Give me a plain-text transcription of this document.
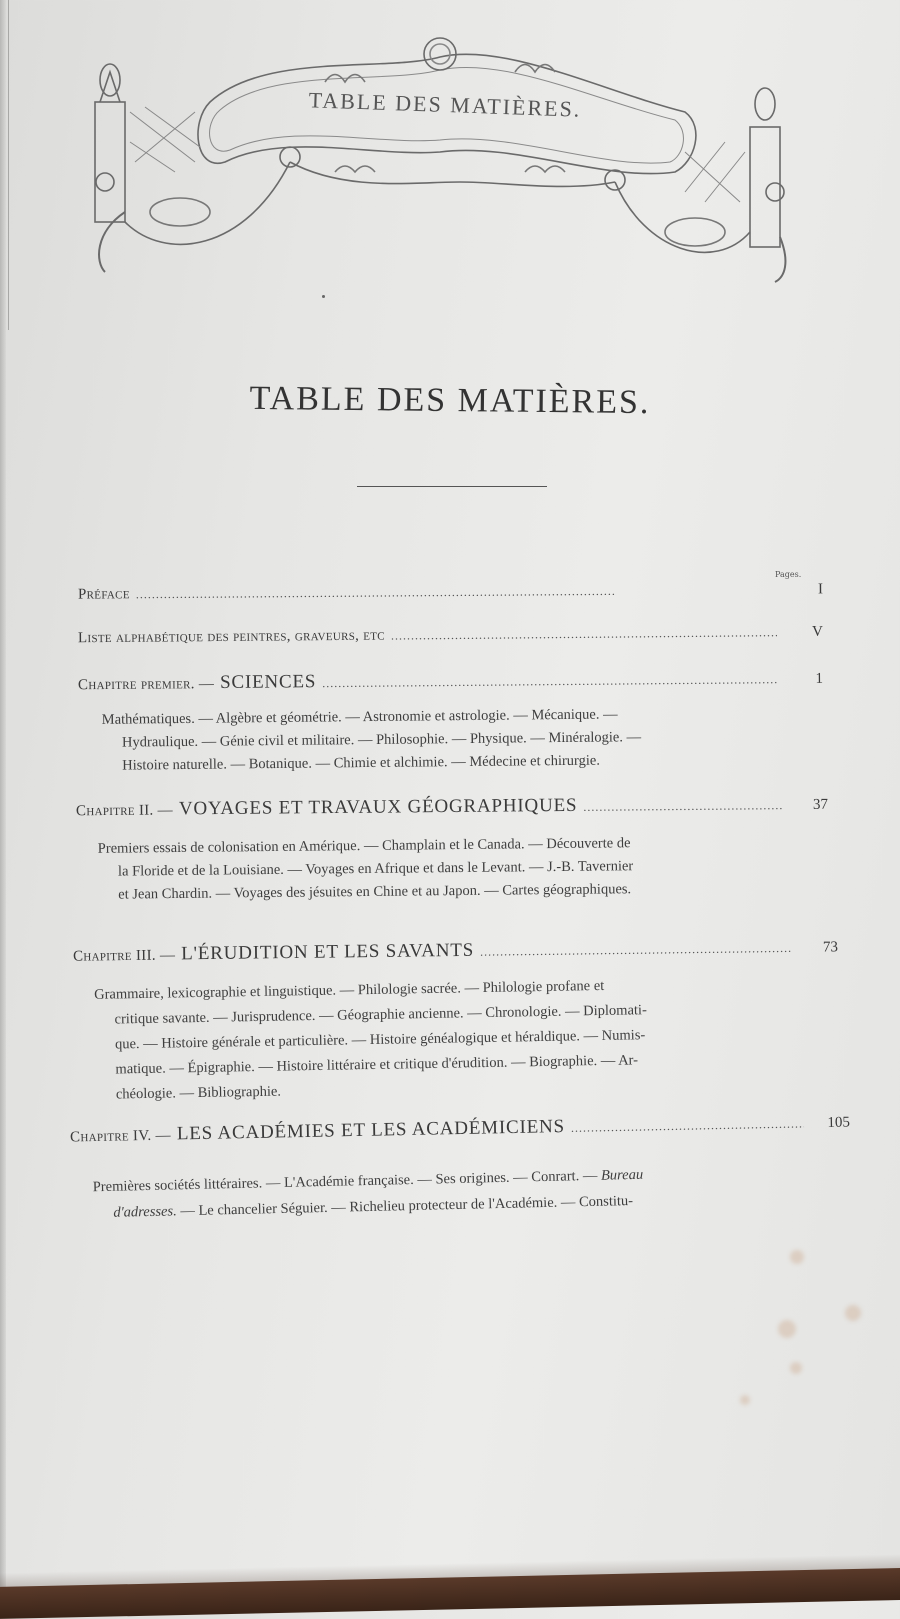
TABLE DES MATIÈRES.
TABLE DES MATIÈRES.
Pages.
Préface . . .	I
Liste alphabétique des peintres, graveurs, etc . . .	V
Chapitre premier. — SCIENCES . . .	1
Mathématiques. — Algèbre et géométrie. — Astronomie et astrologie. — Mécanique. —
Hydraulique. — Génie civil et militaire. — Philosophie. — Physique. — Minéralogie. —
Histoire naturelle. — Botanique. — Chimie et alchimie. — Médecine et chirurgie.
Chapitre II. — VOYAGES ET TRAVAUX GÉOGRAPHIQUES . . .	37
Premiers essais de colonisation en Amérique. — Champlain et le Canada. — Découverte de
la Floride et de la Louisiane. — Voyages en Afrique et dans le Levant. — J.-B. Tavernier
et Jean Chardin. — Voyages des jésuites en Chine et au Japon. — Cartes géographiques.
Chapitre III. — L'ÉRUDITION ET LES SAVANTS . . .	73
Grammaire, lexicographie et linguistique. — Philologie sacrée. — Philologie profane et
critique savante. — Jurisprudence. — Géographie ancienne. — Chronologie. — Diplomati-
que. — Histoire générale et particulière. — Histoire généalogique et héraldique. — Numis-
matique. — Épigraphie. — Histoire littéraire et critique d'érudition. — Biographie. — Ar-
chéologie. — Bibliographie.
Chapitre IV. — LES ACADÉMIES ET LES ACADÉMICIENS . . .	105
Premières sociétés littéraires. — L'Académie française. — Ses origines. — Conrart. — Bureau
d'adresses. — Le chancelier Séguier. — Richelieu protecteur de l'Académie. — Constitu-
